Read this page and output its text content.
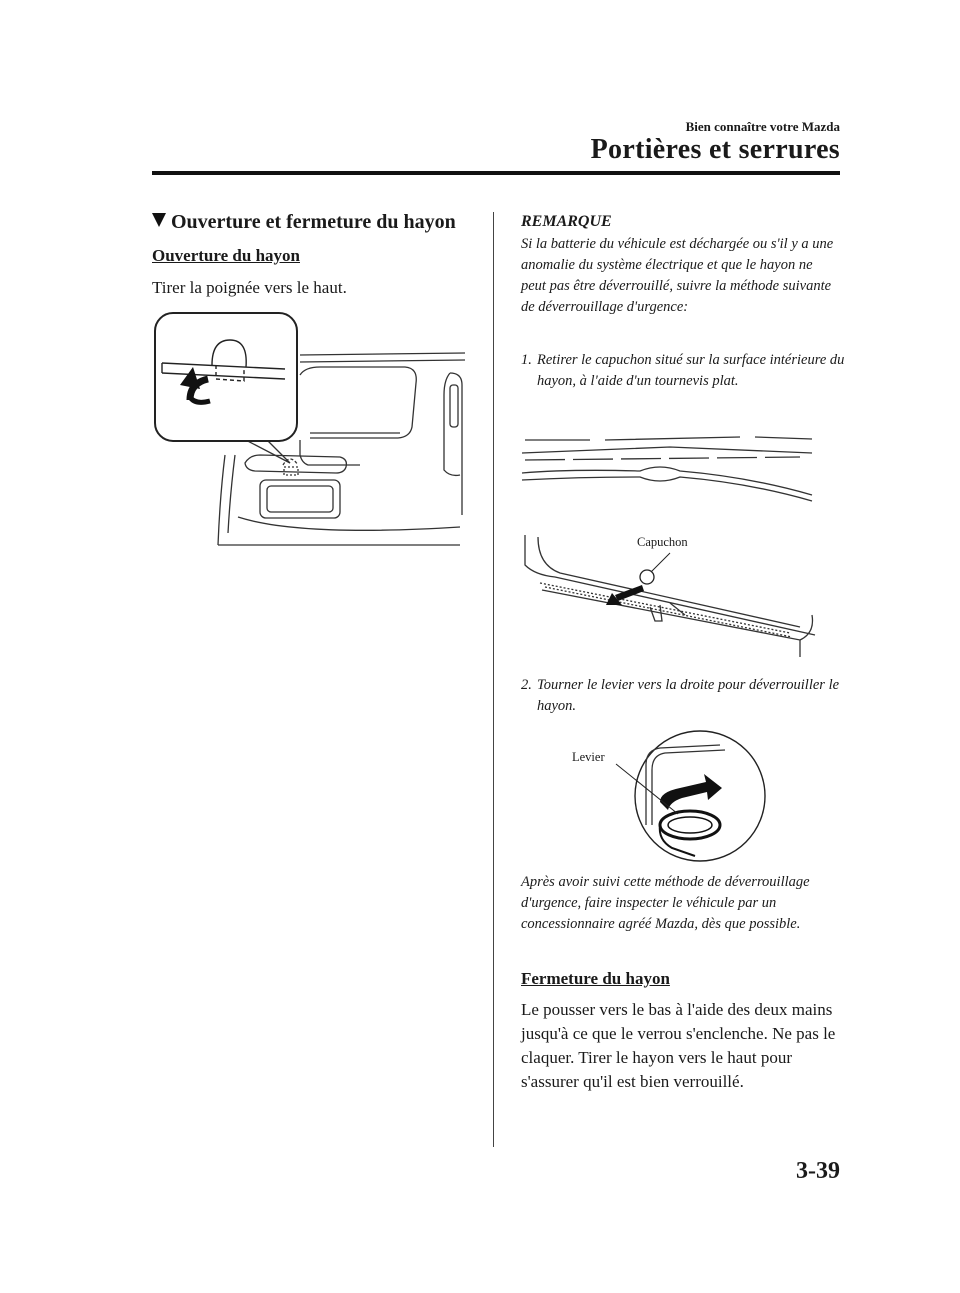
Bien connaître votre Mazda
Portières et serrures
Ouverture et fermeture du hayon
Ouverture du hayon
Tirer la poignée vers le haut.
REMARQUE
Si la batterie du véhicule est déchargée ou s'il y a une anomalie du système électrique et que le hayon ne peut pas être déverrouillé, suivre la méthode suivante de déverrouillage d'urgence:
1. Retirer le capuchon situé sur la surface intérieure du hayon, à l'aide d'un tournevis plat.
Capuchon
2. Tourner le levier vers la droite pour déverrouiller le hayon.
Levier
Après avoir suivi cette méthode de déverrouillage d'urgence, faire inspecter le véhicule par un concessionnaire agréé Mazda, dès que possible.
Fermeture du hayon
Le pousser vers le bas à l'aide des deux mains jusqu'à ce que le verrou s'enclenche. Ne pas le claquer. Tirer le hayon vers le haut pour s'assurer qu'il est bien verrouillé.
3-39
